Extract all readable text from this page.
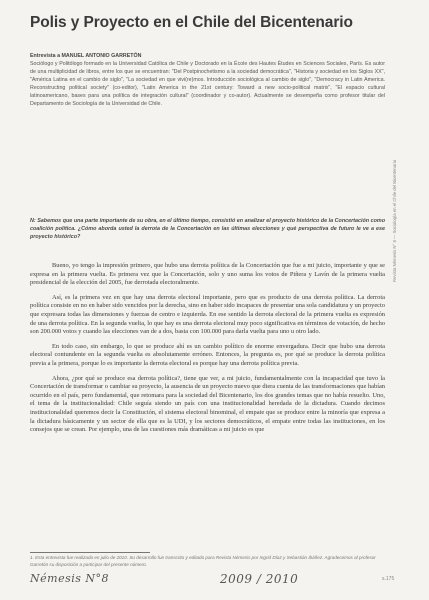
Polis y Proyecto en el Chile del Bicentenario
Revista Némesis N° 8 — Sociología en el Chile del Bicentenario
Entrevista a MANUEL ANTONIO GARRETÓN
Sociólogo y Politólogo formado en la Universidad Católica de Chile y Doctorado en la École des Hautes Études en Sciences Sociales, París. Es autor de una multiplicidad de libros, entre los que se encuentran: "Del Postpinochetismo a la sociedad democrática", "Historia y sociedad en los Siglos XX", "América Latina en el cambio de siglo", "La sociedad en que vivi(re)mos. Introducción sociológica al cambio de siglo", "Democracy in Latin America. Reconstructing political society" (co-editor), "Latin America in the 21st century: Toward a new socio-political matrix", "El espacio cultural latinoamericano, bases para una política de integración cultural" (coordinador y co-autor). Actualmente se desempeña como profesor titular del Departamento de Sociología de la Universidad de Chile.
N: Sabemos que una parte importante de su obra, en el último tiempo, consistió en analizar el proyecto histórico de la Concertación como coalición política. ¿Cómo aborda usted la derrota de la Concertación en las últimas elecciones y qué perspectiva de futuro le ve a ese proyecto histórico?

Bueno, yo tengo la impresión primero, que hubo una derrota política de la Concertación que fue a mi juicio, importante y que se expresa en la primera vuelta. Es primera vez que la Concertación, solo y uno suma los votos de Piñera y Lavín de la primera vuelta presidencial de la elección del 2005, fue derrotada electoralmente.

Así, es la primera vez en que hay una derrota electoral importante, pero que es producto de una derrota política. La derrota política consiste en no en haber sido vencidos por la derecha, sino en haber sido incapaces de presentar una sola candidatura y un proyecto que expresara todas las dimensiones y fuerzas de centro e izquierda. En ese sentido la derrota electoral de la primera vuelta es expresión de una derrota política. En la segunda vuelta, lo que hay es una derrota electoral muy poco significativa en términos de votación, de hecho son 200.000 votos y cuando las elecciones van de a dos, basta con 100.000 para darla vuelta para uno u otro lado.

En todo caso, sin embargo, lo que se produce ahí es un cambio político de enorme envergadura. Decir que hubo una derrota electoral contundente en la segunda vuelta es absolutamente erróneo. Entonces, la pregunta es, por qué se produce la derrota política previa a la primera, porque lo es importante la derrota electoral es porque hay una derrota política previa.

Ahora, ¿por qué se produce esa derrota política?, tiene que ver, a mi juicio, fundamentalmente con la incapacidad que tuvo la Concertación de transformar o cambiar su proyecto, la ausencia de un proyecto nuevo que diera cuenta de las transformaciones que habían ocurrido en el país, pero fundamental, que retomara para la sociedad del Bicentenario, los dos grandes temas que no había resuelto. Uno, el tema de la institucionalidad: Chile seguía siendo un país con una institucionalidad heredada de la dictadura. Cuando decimos institucionalidad queremos decir la Constitución, el sistema electoral binominal, el empate que se produce entre la minoría que expresa a la dictadura básicamente y un sector de ella que es la UDI, y los sectores democráticos, el empate entre todas las instituciones, en los consejos que se crean. Por ejemplo, una de las cuestiones más dramáticas a mi juicio es que

1. Esta entrevista fue realizada en julio de 2010. Su desarrollo fue transcrito y editado para Revista Némesis por Ingrid Díaz y Sebastián Ibáñez. Agradecemos al profesor Garretón su disposición a participar del presente número.
Némesis N°8	2009 / 2010	s.175
